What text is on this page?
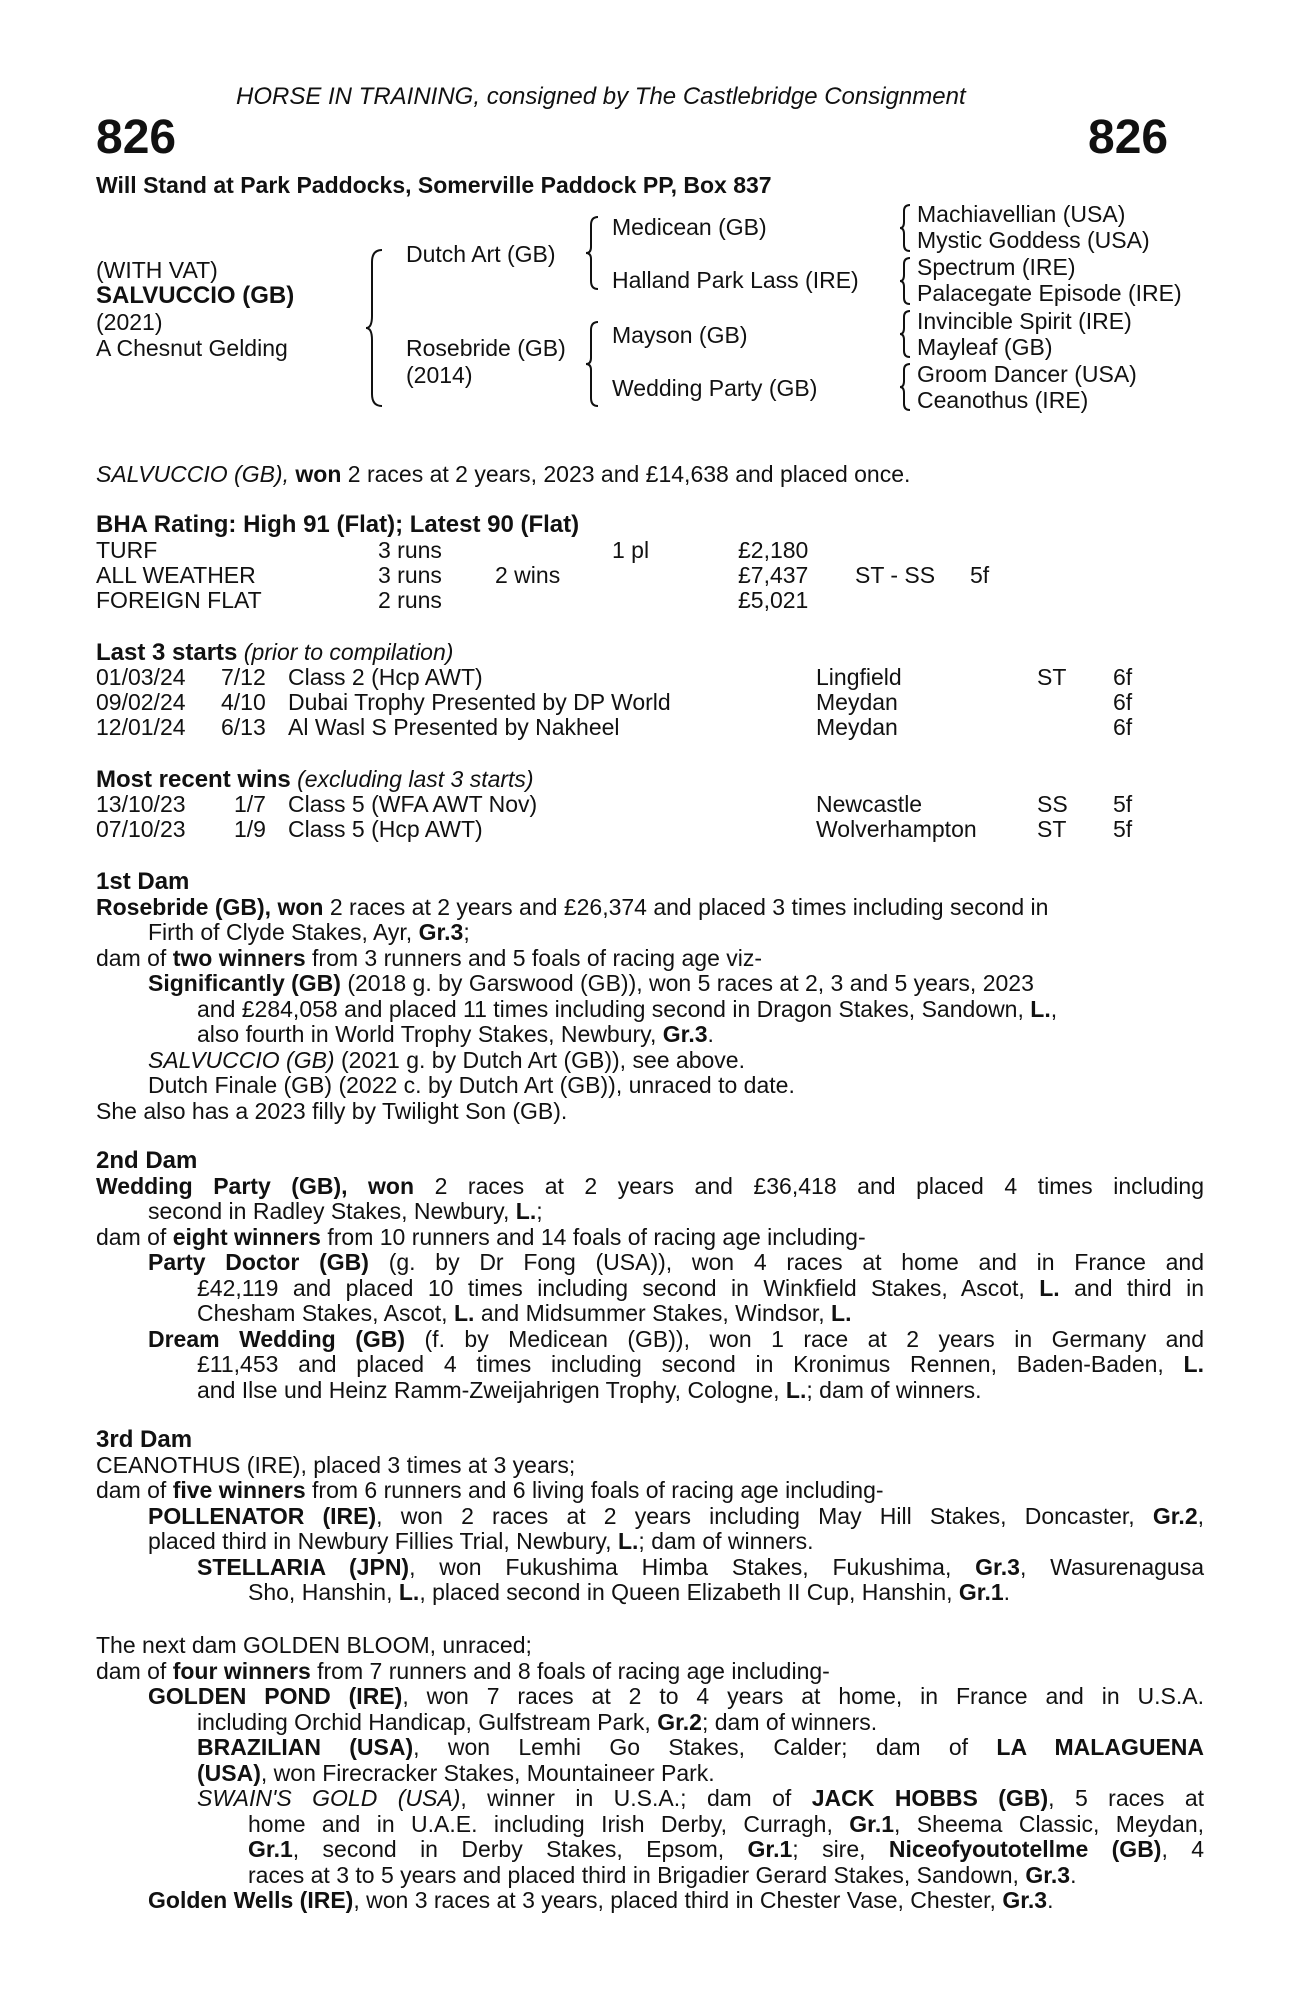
HORSE IN TRAINING, consigned by The Castlebridge Consignment
826	826
Will Stand at Park Paddocks, Somerville Paddock PP, Box 837
(WITH VAT)
SALVUCCIO (GB)
(2021)
A Chesnut Gelding
Dutch Art (GB)
Rosebride (GB)
(2014)
Medicean (GB)
Halland Park Lass (IRE)
Mayson (GB)
Wedding Party (GB)
Machiavellian (USA)
Mystic Goddess (USA)
Spectrum (IRE)
Palacegate Episode (IRE)
Invincible Spirit (IRE)
Mayleaf (GB)
Groom Dancer (USA)
Ceanothus (IRE)
SALVUCCIO (GB), won 2 races at 2 years, 2023 and £14,638 and placed once.
BHA Rating: High 91 (Flat); Latest 90 (Flat)
TURF	3 runs	1 pl	£2,180
ALL WEATHER	3 runs 2 wins	£7,437 ST - SS 5f
FOREIGN FLAT	2 runs	£5,021
Last 3 starts (prior to compilation)
01/03/24 7/12 Class 2 (Hcp AWT)	Lingfield	ST 6f
09/02/24 4/10 Dubai Trophy Presented by DP World	Meydan	6f
12/01/24 6/13 Al Wasl S Presented by Nakheel	Meydan	6f
Most recent wins (excluding last 3 starts)
13/10/23 1/7 Class 5 (WFA AWT Nov)	Newcastle	SS 5f
07/10/23 1/9 Class 5 (Hcp AWT)	Wolverhampton	ST 5f
1st Dam
Rosebride (GB), won 2 races at 2 years and £26,374 and placed 3 times including second in
Firth of Clyde Stakes, Ayr, Gr.3;
dam of two winners from 3 runners and 5 foals of racing age viz-
Significantly (GB) (2018 g. by Garswood (GB)), won 5 races at 2, 3 and 5 years, 2023
and £284,058 and placed 11 times including second in Dragon Stakes, Sandown, L.,
also fourth in World Trophy Stakes, Newbury, Gr.3.
SALVUCCIO (GB) (2021 g. by Dutch Art (GB)), see above.
Dutch Finale (GB) (2022 c. by Dutch Art (GB)), unraced to date.
She also has a 2023 filly by Twilight Son (GB).
2nd Dam
Wedding Party (GB), won 2 races at 2 years and £36,418 and placed 4 times including
second in Radley Stakes, Newbury, L.;
dam of eight winners from 10 runners and 14 foals of racing age including-
Party Doctor (GB) (g. by Dr Fong (USA)), won 4 races at home and in France and
£42,119 and placed 10 times including second in Winkfield Stakes, Ascot, L. and third in
Chesham Stakes, Ascot, L. and Midsummer Stakes, Windsor, L.
Dream Wedding (GB) (f. by Medicean (GB)), won 1 race at 2 years in Germany and
£11,453 and placed 4 times including second in Kronimus Rennen, Baden-Baden, L.
and Ilse und Heinz Ramm-Zweijahrigen Trophy, Cologne, L.; dam of winners.
3rd Dam
CEANOTHUS (IRE), placed 3 times at 3 years;
dam of five winners from 6 runners and 6 living foals of racing age including-
POLLENATOR (IRE), won 2 races at 2 years including May Hill Stakes, Doncaster, Gr.2,
placed third in Newbury Fillies Trial, Newbury, L.; dam of winners.
STELLARIA (JPN), won Fukushima Himba Stakes, Fukushima, Gr.3, Wasurenagusa
Sho, Hanshin, L., placed second in Queen Elizabeth II Cup, Hanshin, Gr.1.
The next dam GOLDEN BLOOM, unraced;
dam of four winners from 7 runners and 8 foals of racing age including-
GOLDEN POND (IRE), won 7 races at 2 to 4 years at home, in France and in U.S.A.
including Orchid Handicap, Gulfstream Park, Gr.2; dam of winners.
BRAZILIAN (USA), won Lemhi Go Stakes, Calder; dam of LA MALAGUENA
(USA), won Firecracker Stakes, Mountaineer Park.
SWAIN'S GOLD (USA), winner in U.S.A.; dam of JACK HOBBS (GB), 5 races at
home and in U.A.E. including Irish Derby, Curragh, Gr.1, Sheema Classic, Meydan,
Gr.1, second in Derby Stakes, Epsom, Gr.1; sire, Niceofyoutotellme (GB), 4
races at 3 to 5 years and placed third in Brigadier Gerard Stakes, Sandown, Gr.3.
Golden Wells (IRE), won 3 races at 3 years, placed third in Chester Vase, Chester, Gr.3.
